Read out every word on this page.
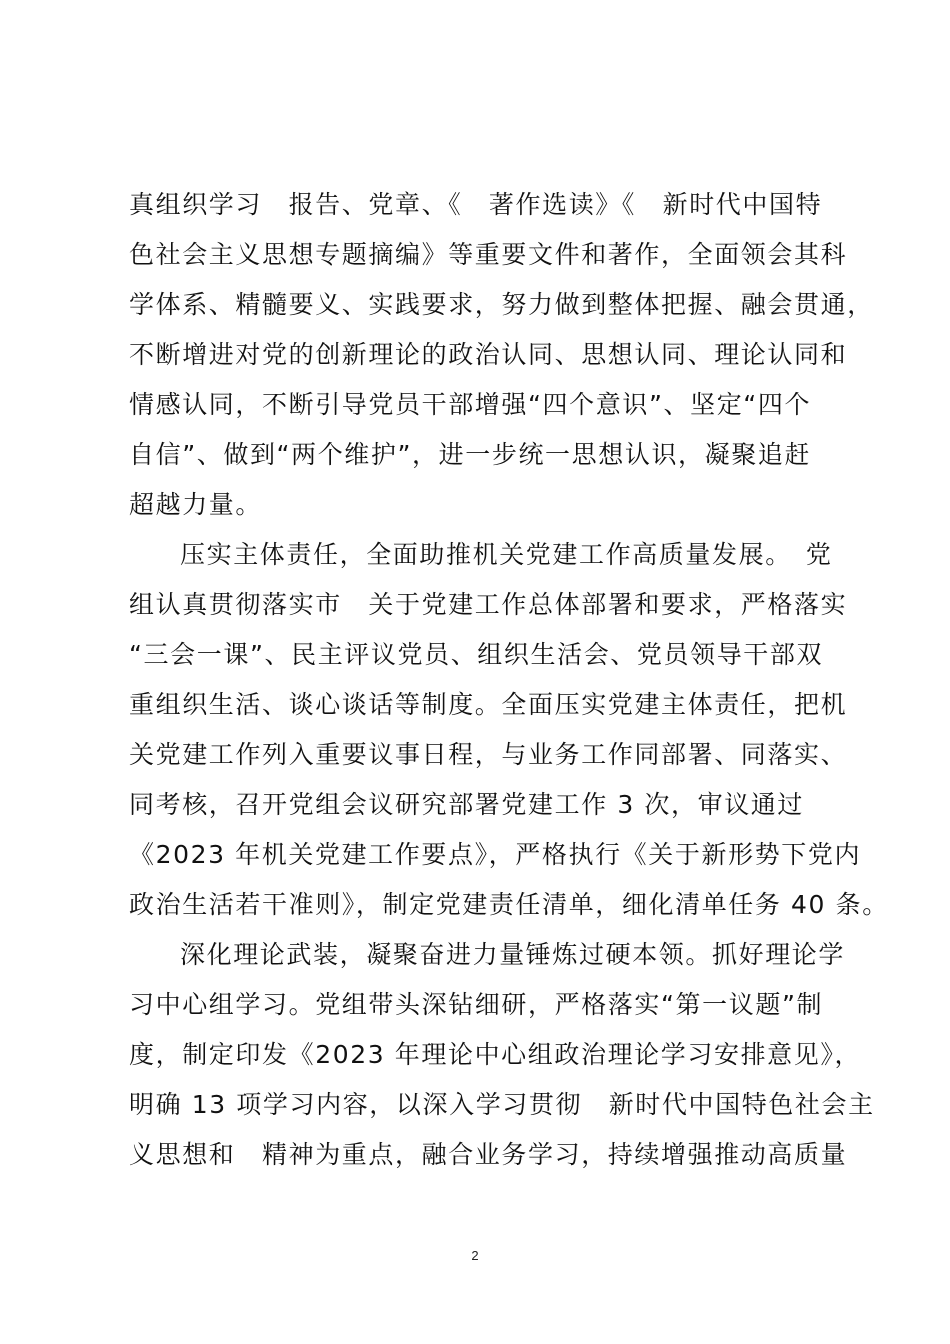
真组织学习　报告、党章、《　著作选读》《　新时代中国特
色社会主义思想专题摘编》等重要文件和著作，全面领会其科
学体系、精髓要义、实践要求，努力做到整体把握、融会贯通，
不断增进对党的创新理论的政治认同、思想认同、理论认同和
情感认同，不断引导党员干部增强“四个意识”、坚定“四个
自信”、做到“两个维护”，进一步统一思想认识，凝聚追赶
超越力量。
压实主体责任，全面助推机关党建工作高质量发展。　党
组认真贯彻落实市　关于党建工作总体部署和要求，严格落实
“三会一课”、民主评议党员、组织生活会、党员领导干部双
重组织生活、谈心谈话等制度。全面压实党建主体责任，把机
关党建工作列入重要议事日程，与业务工作同部署、同落实、
同考核，召开党组会议研究部署党建工作 3 次，审议通过
《2023 年机关党建工作要点》，严格执行《关于新形势下党内
政治生活若干准则》，制定党建责任清单，细化清单任务 40 条。
深化理论武装，凝聚奋进力量锤炼过硬本领。抓好理论学
习中心组学习。党组带头深钻细研，严格落实“第一议题”制
度，制定印发《2023 年理论中心组政治理论学习安排意见》，
明确 13 项学习内容，以深入学习贯彻　新时代中国特色社会主
义思想和　精神为重点，融合业务学习，持续增强推动高质量
2
